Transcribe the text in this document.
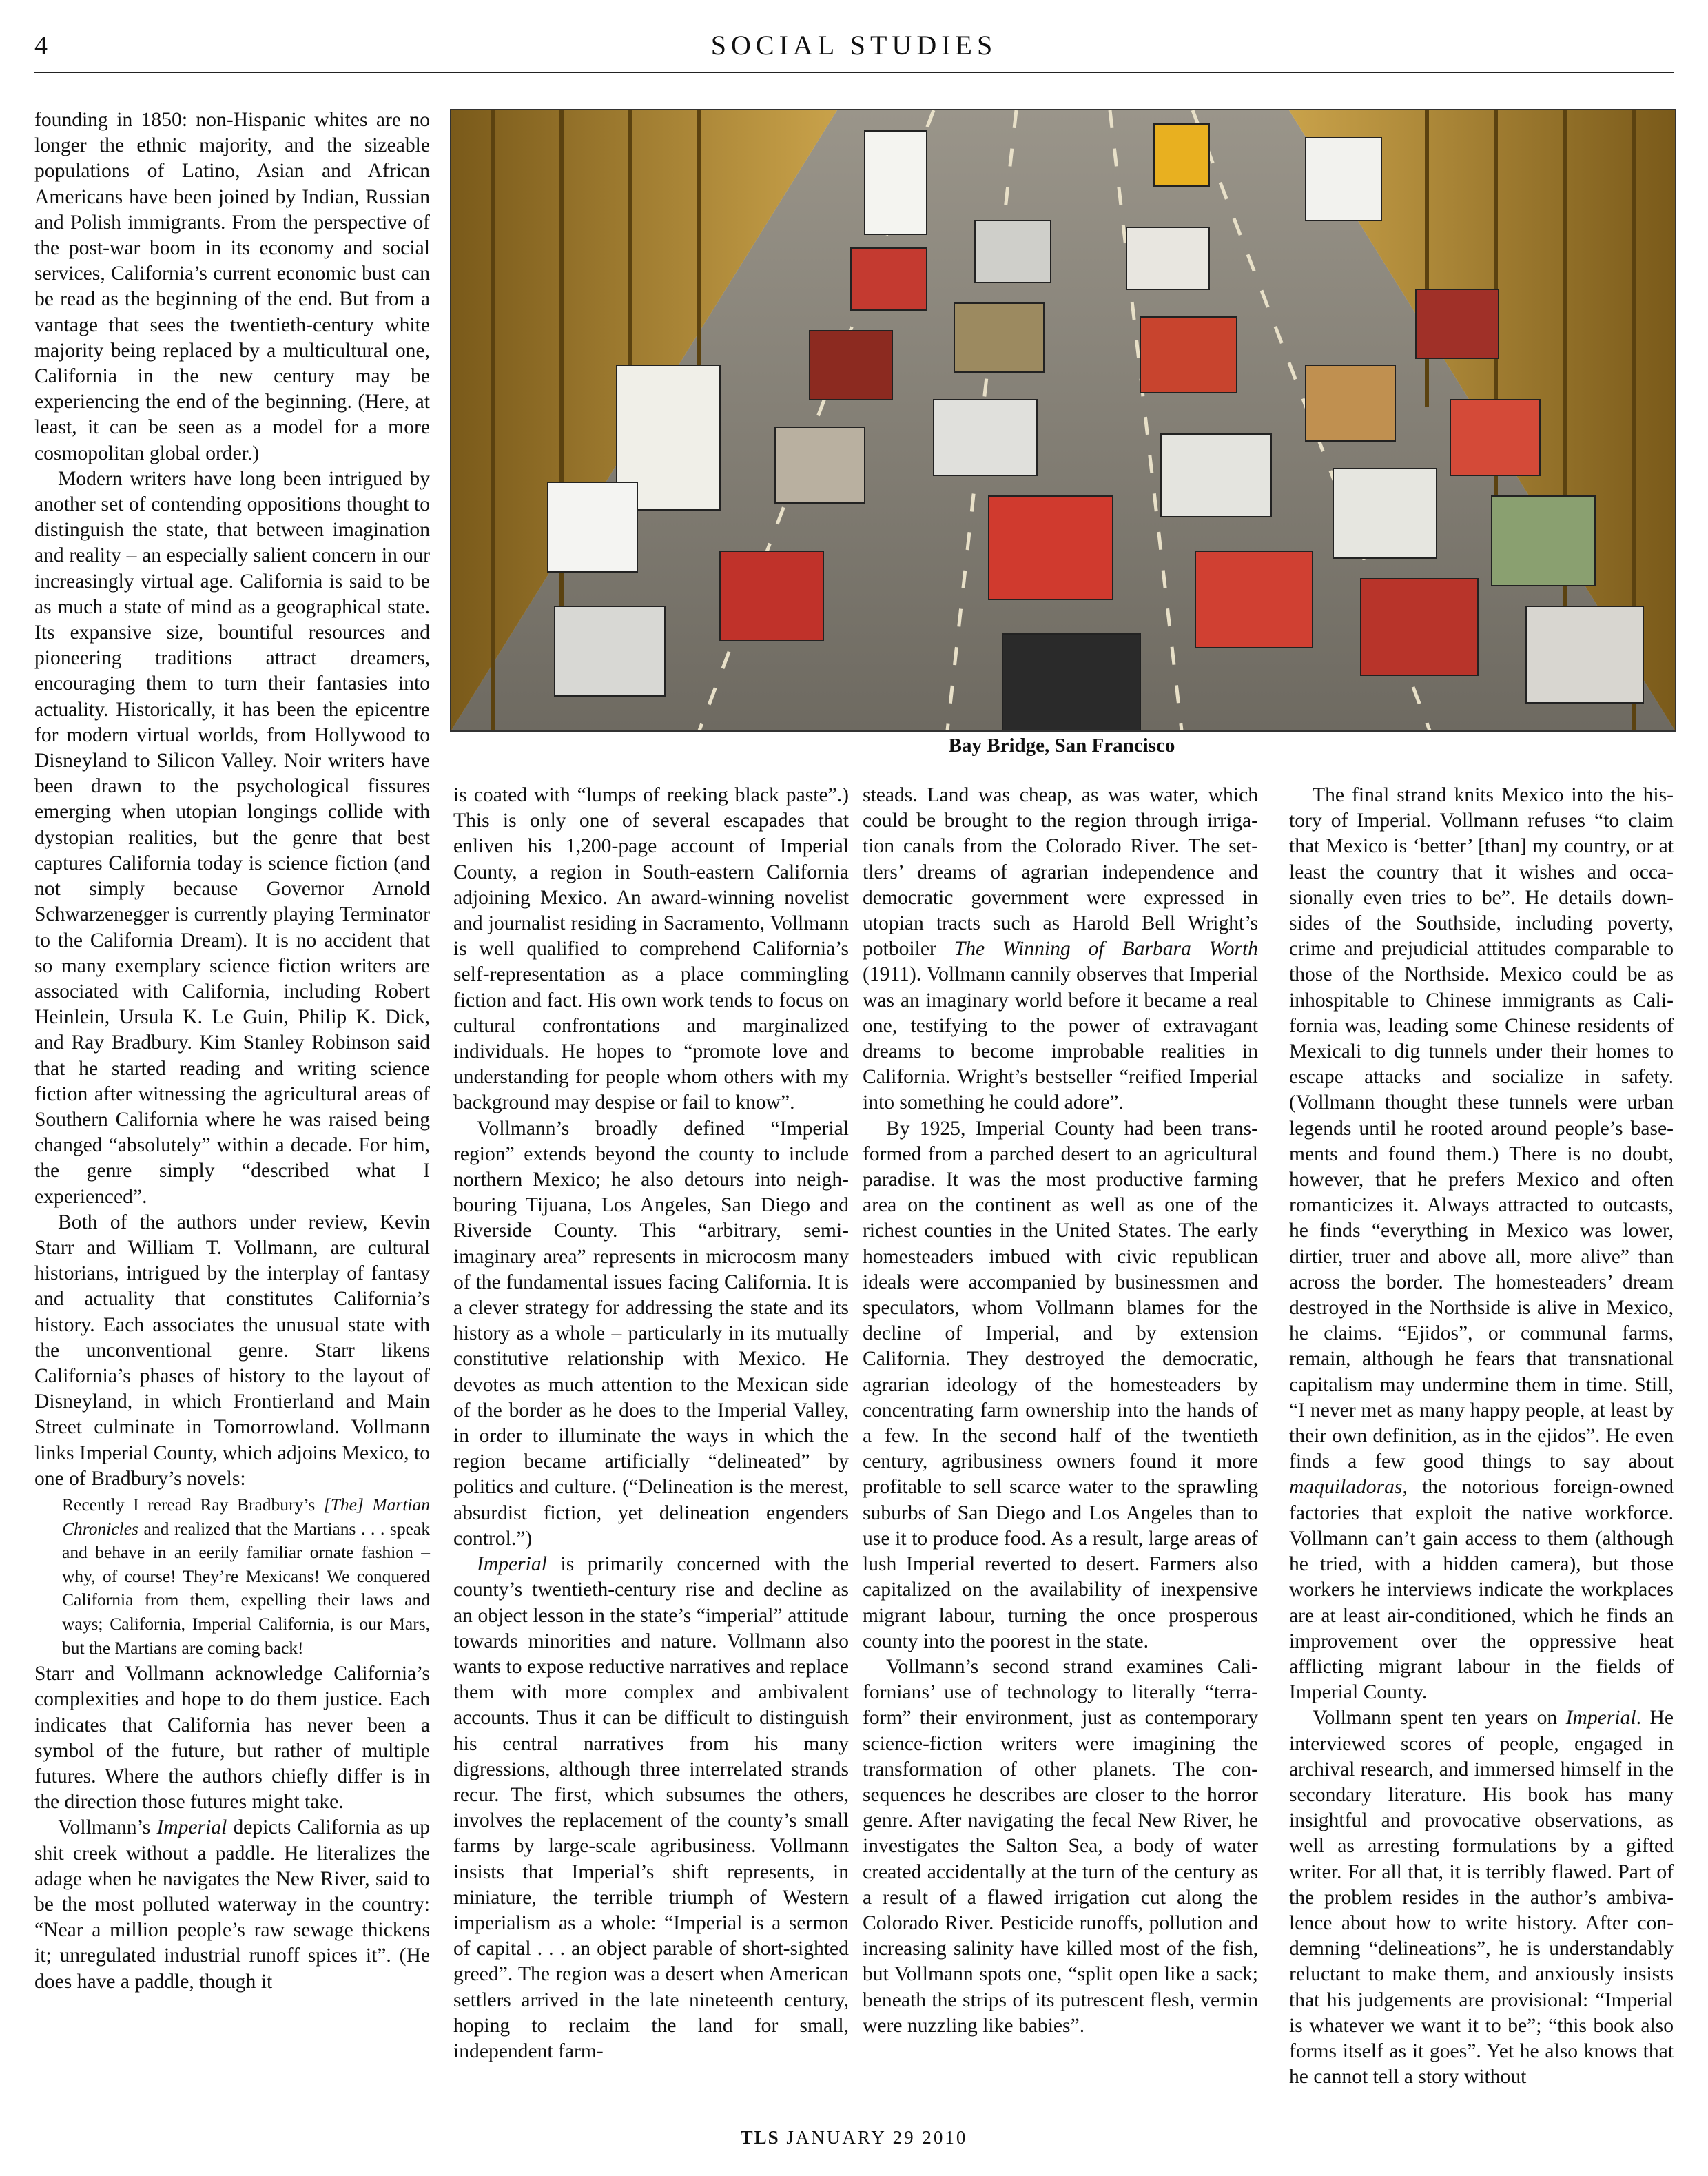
4	SOCIAL STUDIES

founding in 1850: non-Hispanic whites are no longer the ethnic majority, and the sizeable populations of Latino, Asian and African Americans have been joined by Indian, Russian and Polish immigrants. From the perspective of the post-war boom in its economy and social services, California’s current economic bust can be read as the beginning of the end. But from a vantage that sees the twentieth-century white majority being replaced by a multicultural one, California in the new century may be experiencing the end of the beginning. (Here, at least, it can be seen as a model for a more cosmopolitan global order.)

Modern writers have long been intrigued by another set of contending oppositions thought to distinguish the state, that between imagination and reality – an especially salient concern in our increasingly virtual age. California is said to be as much a state of mind as a geographical state. Its expansive size, bountiful resources and pioneering traditions attract dreamers, encouraging them to turn their fantasies into actuality. Historically, it has been the epicentre for modern virtual worlds, from Hollywood to Disneyland to Silicon Valley. Noir writers have been drawn to the psychological fissures emerging when utopian longings collide with dystopian realities, but the genre that best captures California today is science fiction (and not simply because Governor Arnold Schwarzenegger is currently playing Terminator to the California Dream). It is no accident that so many exemplary science fiction writers are associated with California, including Robert Heinlein, Ursula K. Le Guin, Philip K. Dick, and Ray Bradbury. Kim Stanley Robinson said that he started reading and writing science fiction after witnessing the agricultural areas of Southern California where he was raised being changed “absolutely” within a decade. For him, the genre simply “described what I experienced”.

Both of the authors under review, Kevin Starr and William T. Vollmann, are cultural historians, intrigued by the interplay of fantasy and actuality that constitutes California’s history. Each associates the unusual state with the unconventional genre. Starr likens California’s phases of history to the layout of Disneyland, in which Frontierland and Main Street culminate in Tomorrowland. Vollmann links Imperial County, which adjoins Mexico, to one of Bradbury’s novels:

Recently I reread Ray Bradbury’s [The] Martian Chronicles and realized that the Martians . . . speak and behave in an eerily familiar ornate fashion – why, of course! They’re Mexicans! We conquered California from them, expelling their laws and ways; California, Imperial California, is our Mars, but the Martians are coming back!

Starr and Vollmann acknowledge California’s complexities and hope to do them justice. Each indicates that California has never been a symbol of the future, but rather of multiple futures. Where the authors chiefly differ is in the direction those futures might take.

Vollmann’s Imperial depicts California as up shit creek without a paddle. He literalizes the adage when he navigates the New River, said to be the most polluted waterway in the country: “Near a million people’s raw sewage thickens it; unregulated industrial runoff spices it”. (He does have a paddle, though it

Bay Bridge, San Francisco

is coated with “lumps of reeking black paste”.) This is only one of several escapades that enliven his 1,200-page account of Imperial County, a region in South-eastern California adjoining Mexico. An award-winning novelist and journalist residing in Sacramento, Vollmann is well qualified to comprehend California’s self-representation as a place commingling fiction and fact. His own work tends to focus on cultural confrontations and marginalized individuals. He hopes to “promote love and understanding for people whom others with my background may despise or fail to know”.

Vollmann’s broadly defined “Imperial region” extends beyond the county to include northern Mexico; he also detours into neighbouring Tijuana, Los Angeles, San Diego and Riverside County. This “arbitrary, semi-imaginary area” represents in microcosm many of the fundamental issues facing California. It is a clever strategy for addressing the state and its history as a whole – particularly in its mutually constitutive relationship with Mexico. He devotes as much attention to the Mexican side of the border as he does to the Imperial Valley, in order to illuminate the ways in which the region became artificially “delineated” by politics and culture. (“Delineation is the merest, absurdist fiction, yet delineation engenders control.”)

Imperial is primarily concerned with the county’s twentieth-century rise and decline as an object lesson in the state’s “imperial” attitude towards minorities and nature. Vollmann also wants to expose reductive narratives and replace them with more complex and ambivalent accounts. Thus it can be difficult to distinguish his central narratives from his many digressions, although three interrelated strands recur. The first, which subsumes the others, involves the replacement of the county’s small farms by large-scale agribusiness. Vollmann insists that Imperial’s shift represents, in miniature, the terrible triumph of Western imperialism as a whole: “Imperial is a sermon of capital . . . an object parable of short-sighted greed”. The region was a desert when American settlers arrived in the late nineteenth century, hoping to reclaim the land for small, independent farm-

steads. Land was cheap, as was water, which could be brought to the region through irrigation canals from the Colorado River. The settlers’ dreams of agrarian independence and democratic government were expressed in utopian tracts such as Harold Bell Wright’s potboiler The Winning of Barbara Worth (1911). Vollmann cannily observes that Imperial was an imaginary world before it became a real one, testifying to the power of extravagant dreams to become improbable realities in California. Wright’s bestseller “reified Imperial into something he could adore”.

By 1925, Imperial County had been transformed from a parched desert to an agricultural paradise. It was the most productive farming area on the continent as well as one of the richest counties in the United States. The early homesteaders imbued with civic republican ideals were accompanied by businessmen and speculators, whom Vollmann blames for the decline of Imperial, and by extension California. They destroyed the democratic, agrarian ideology of the homesteaders by concentrating farm ownership into the hands of a few. In the second half of the twentieth century, agribusiness owners found it more profitable to sell scarce water to the sprawling suburbs of San Diego and Los Angeles than to use it to produce food. As a result, large areas of lush Imperial reverted to desert. Farmers also capitalized on the availability of inexpensive migrant labour, turning the once prosperous county into the poorest in the state.

Vollmann’s second strand examines Californians’ use of technology to literally “terraform” their environment, just as contemporary science-fiction writers were imagining the transformation of other planets. The consequences he describes are closer to the horror genre. After navigating the fecal New River, he investigates the Salton Sea, a body of water created accidentally at the turn of the century as a result of a flawed irrigation cut along the Colorado River. Pesticide runoffs, pollution and increasing salinity have killed most of the fish, but Vollmann spots one, “split open like a sack; beneath the strips of its putrescent flesh, vermin were nuzzling like babies”.

The final strand knits Mexico into the history of Imperial. Vollmann refuses “to claim that Mexico is ‘better’ [than] my country, or at least the country that it wishes and occasionally even tries to be”. He details downsides of the Southside, including poverty, crime and prejudicial attitudes comparable to those of the Northside. Mexico could be as inhospitable to Chinese immigrants as California was, leading some Chinese residents of Mexicali to dig tunnels under their homes to escape attacks and socialize in safety. (Vollmann thought these tunnels were urban legends until he rooted around people’s basements and found them.) There is no doubt, however, that he prefers Mexico and often romanticizes it. Always attracted to outcasts, he finds “everything in Mexico was lower, dirtier, truer and above all, more alive” than across the border. The homesteaders’ dream destroyed in the Northside is alive in Mexico, he claims. “Ejidos”, or communal farms, remain, although he fears that transnational capitalism may undermine them in time. Still, “I never met as many happy people, at least by their own definition, as in the ejidos”. He even finds a few good things to say about maquiladoras, the notorious foreign-owned factories that exploit the native workforce. Vollmann can’t gain access to them (although he tried, with a hidden camera), but those workers he interviews indicate the workplaces are at least air-conditioned, which he finds an improvement over the oppressive heat afflicting migrant labour in the fields of Imperial County.

Vollmann spent ten years on Imperial. He interviewed scores of people, engaged in archival research, and immersed himself in the secondary literature. His book has many insightful and provocative observations, as well as arresting formulations by a gifted writer. For all that, it is terribly flawed. Part of the problem resides in the author’s ambivalence about how to write history. After condemning “delineations”, he is understandably reluctant to make them, and anxiously insists that his judgements are provisional: “Imperial is whatever we want it to be”; “this book also forms itself as it goes”. Yet he also knows that he cannot tell a story without

TLS JANUARY 29 2010
